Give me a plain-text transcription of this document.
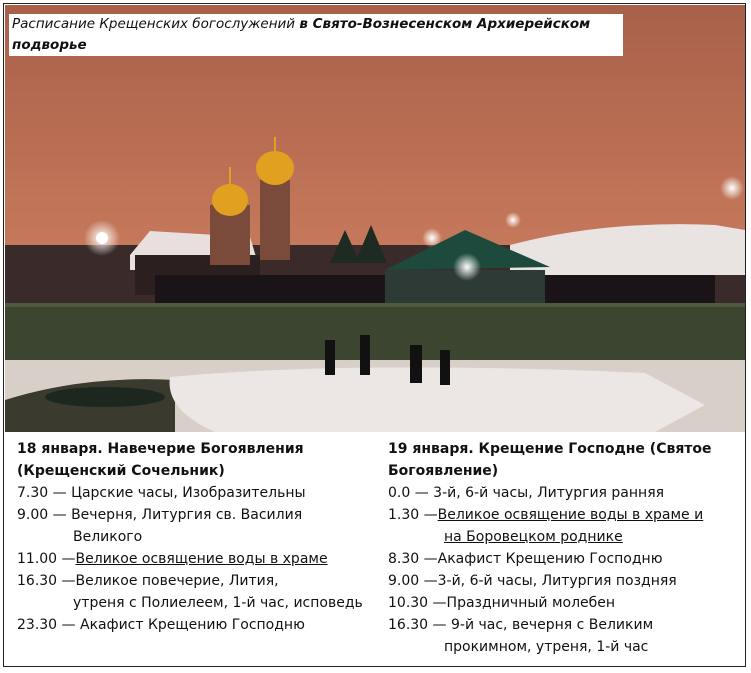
Расписание Крещенских богослужений в Свято-Вознесенском Архиерейском подворье
18 января. Навечерие Богоявления (Крещенский Сочельник)
7.30 — Царские часы, Изобразительны
9.00 — Вечерня, Литургия св. Василия
Великого
11.00 —Великое освящение воды в храме
16.30 —Великое повечерие, Лития,
утреня с Полиелеем, 1-й час, исповедь
23.30 — Акафист Крещению Господню
19 января. Крещение Господне (Святое Богоявление)
0.0 — 3-й, 6-й часы, Литургия ранняя
1.30 —Великое освящение воды в храме и
на Боровецком роднике
8.30 —Акафист Крещению Господню
9.00 —3-й, 6-й часы, Литургия поздняя
10.30 —Праздничный молебен
16.30 — 9-й час, вечерня с Великим
прокимном, утреня, 1-й час
